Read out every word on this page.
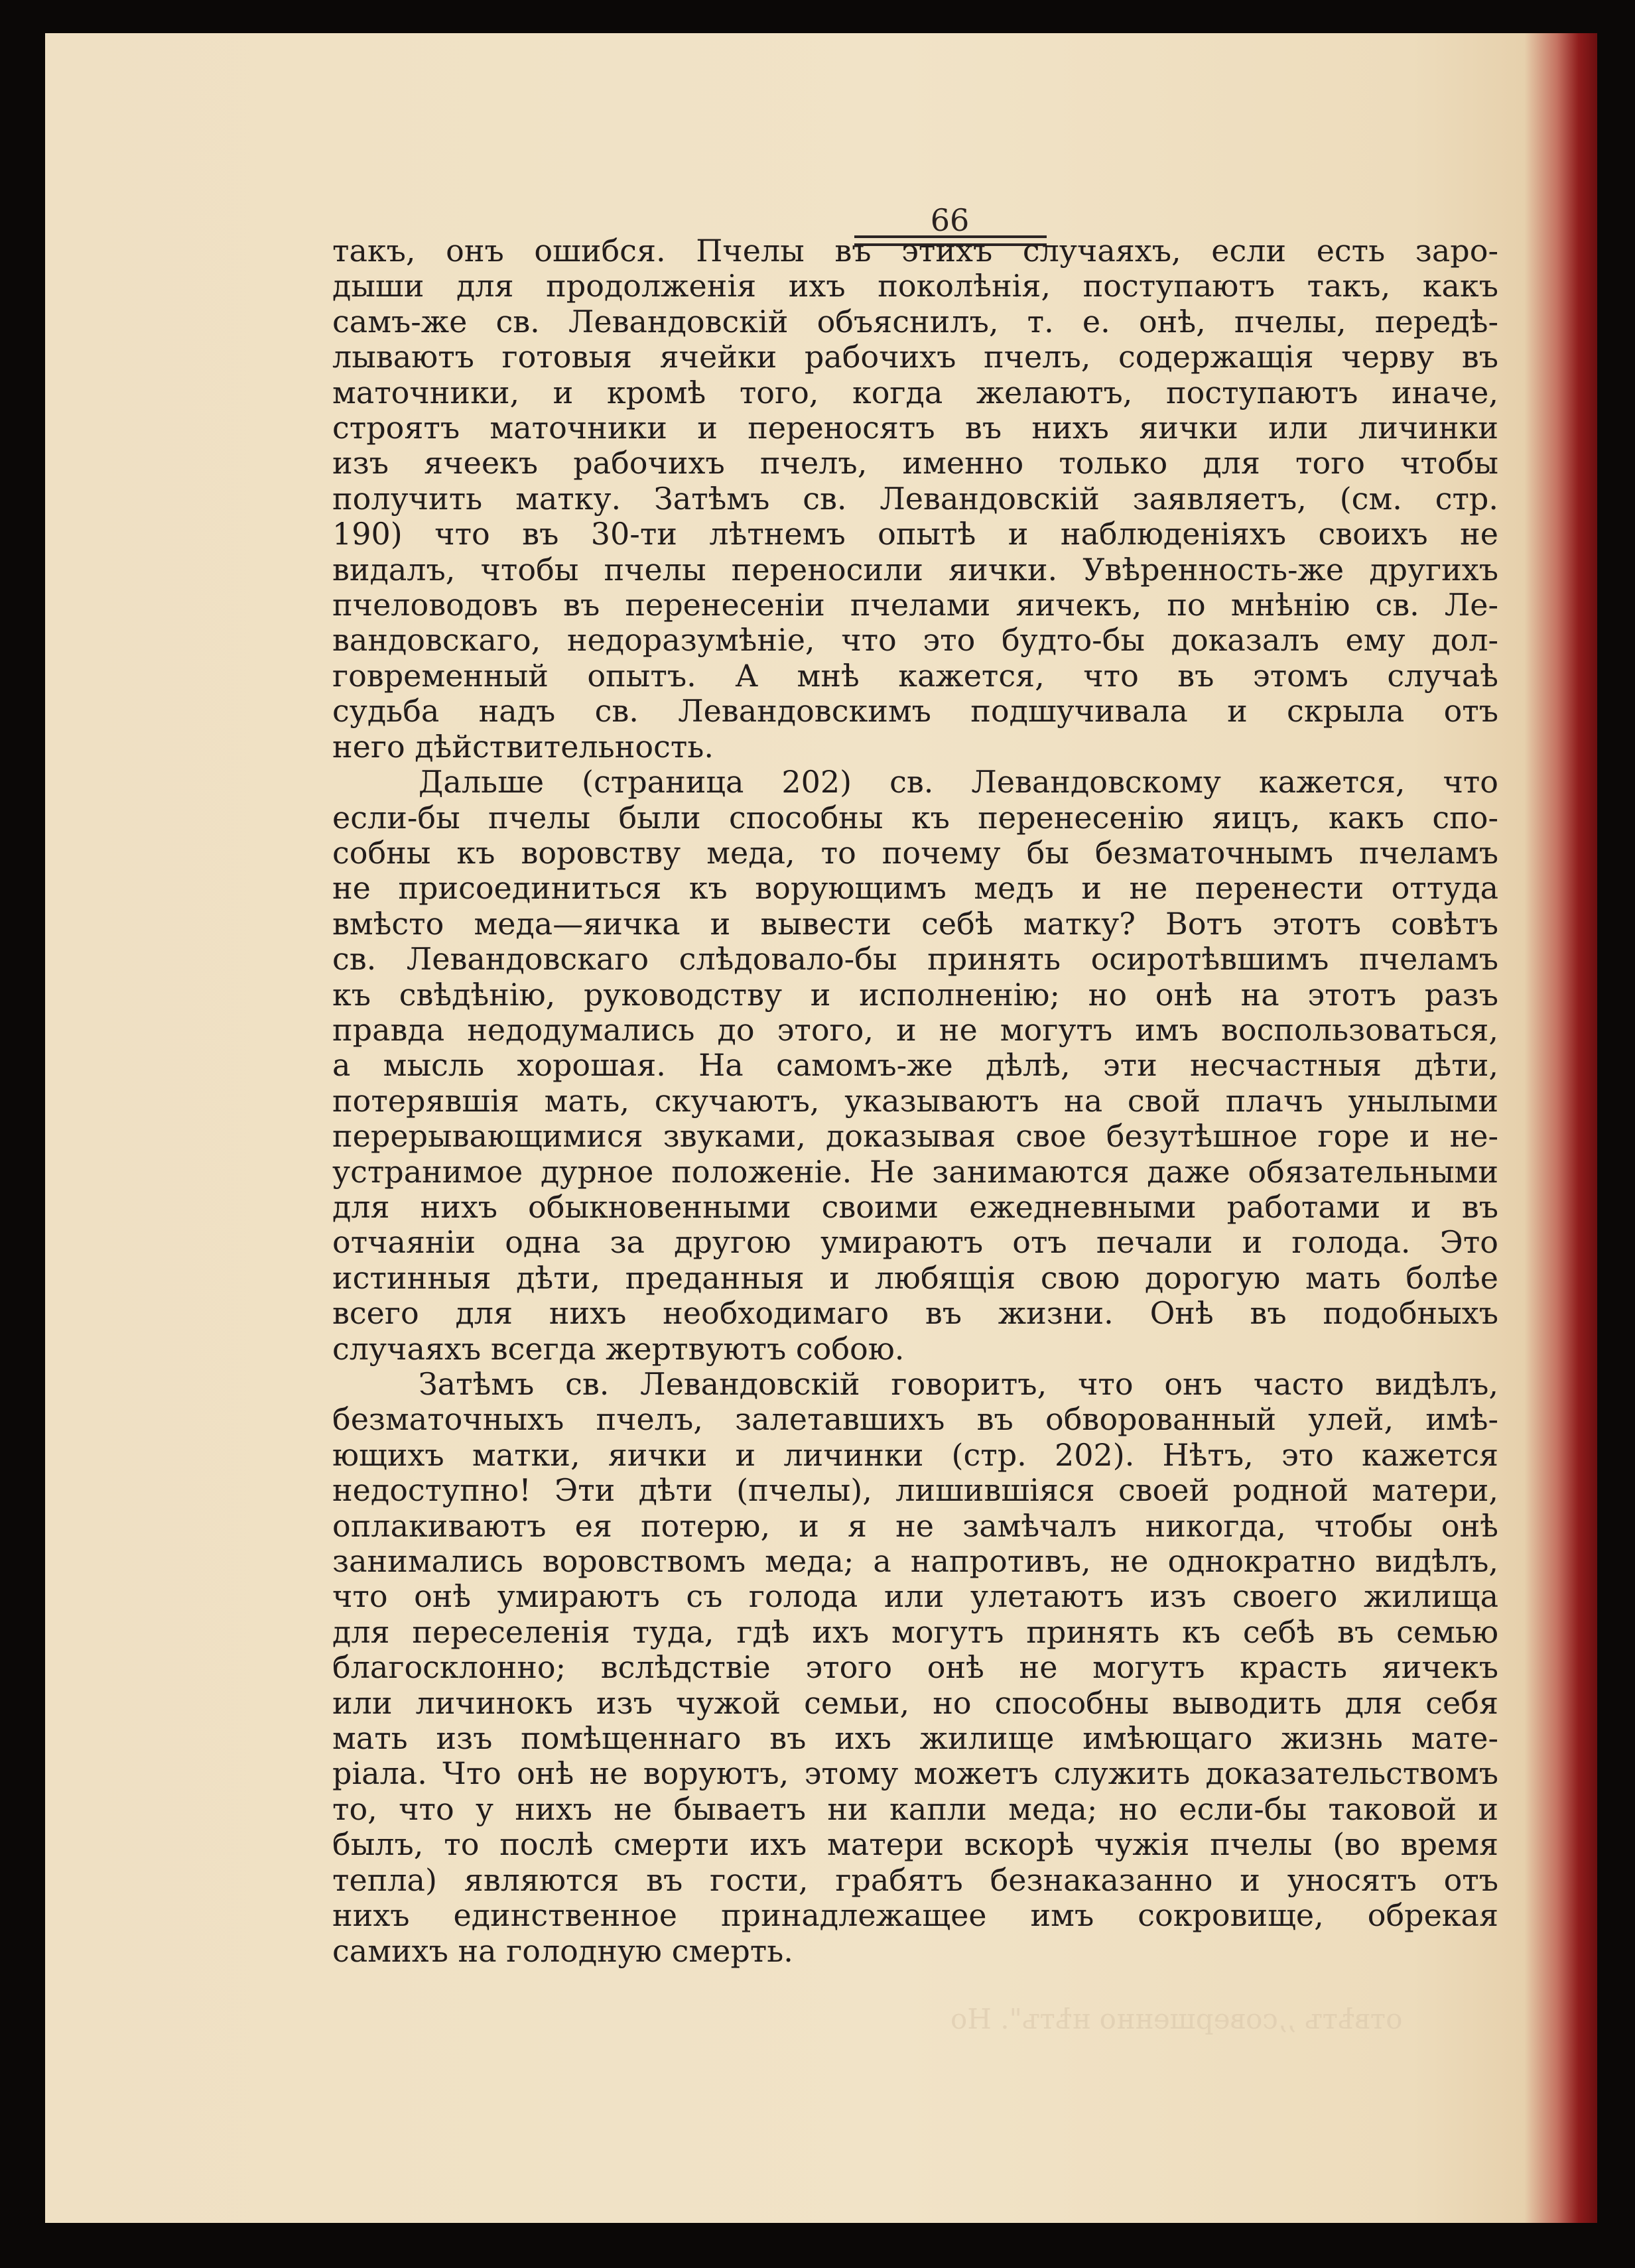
66
отвѣтъ ,,совершенно нѣтъ". Но
такъ, онъ ошибся. Пчелы въ этихъ случаяхъ, если есть заро-
дыши для продолженія ихъ поколѣнія, поступаютъ такъ, какъ
самъ-же св. Левандовскій объяснилъ, т. е. онѣ, пчелы, передѣ-
лываютъ готовыя ячейки рабочихъ пчелъ, содержащія черву въ
маточники, и кромѣ того, когда желаютъ, поступаютъ иначе,
строятъ маточники и переносятъ въ нихъ яички или личинки
изъ ячеекъ рабочихъ пчелъ, именно только для того чтобы
получить матку. Затѣмъ св. Левандовскій заявляетъ, (см. стр.
190) что въ 30-ти лѣтнемъ опытѣ и наблюденіяхъ своихъ не
видалъ, чтобы пчелы переносили яички. Увѣренность-же другихъ
пчеловодовъ въ перенесеніи пчелами яичекъ, по мнѣнію св. Ле-
вандовскаго, недоразумѣніе, что это будто-бы доказалъ ему дол-
говременный опытъ. А мнѣ кажется, что въ этомъ случаѣ
судьба надъ св. Левандовскимъ подшучивала и скрыла отъ
него дѣйствительность.
Дальше (страница 202) св. Левандовскому кажется, что
если-бы пчелы были способны къ перенесенію яицъ, какъ спо-
собны къ воровству меда, то почему бы безматочнымъ пчеламъ
не присоединиться къ ворующимъ медъ и не перенести оттуда
вмѣсто меда—яичка и вывести себѣ матку? Вотъ этотъ совѣтъ
св. Левандовскаго слѣдовало-бы принять осиротѣвшимъ пчеламъ
къ свѣдѣнію, руководству и исполненію; но онѣ на этотъ разъ
правда недодумались до этого, и не могутъ имъ воспользоваться,
а мысль хорошая. На самомъ-же дѣлѣ, эти несчастныя дѣти,
потерявшія мать, скучаютъ, указываютъ на свой плачъ унылыми
перерывающимися звуками, доказывая свое безутѣшное горе и не-
устранимое дурное положеніе. Не занимаются даже обязательными
для нихъ обыкновенными своими ежедневными работами и въ
отчаяніи одна за другою умираютъ отъ печали и голода. Это
истинныя дѣти, преданныя и любящія свою дорогую мать болѣе
всего для нихъ необходимаго въ жизни. Онѣ въ подобныхъ
случаяхъ всегда жертвуютъ собою.
Затѣмъ св. Левандовскій говоритъ, что онъ часто видѣлъ,
безматочныхъ пчелъ, залетавшихъ въ обворованный улей, имѣ-
ющихъ матки, яички и личинки (стр. 202). Нѣтъ, это кажется
недоступно! Эти дѣти (пчелы), лишившіяся своей родной матери,
оплакиваютъ ея потерю, и я не замѣчалъ никогда, чтобы онѣ
занимались воровствомъ меда; а напротивъ, не однократно видѣлъ,
что онѣ умираютъ съ голода или улетаютъ изъ своего жилища
для переселенія туда, гдѣ ихъ могутъ принять къ себѣ въ семью
благосклонно; вслѣдствіе этого онѣ не могутъ красть яичекъ
или личинокъ изъ чужой семьи, но способны выводить для себя
мать изъ помѣщеннаго въ ихъ жилище имѣющаго жизнь мате-
ріала. Что онѣ не воруютъ, этому можетъ служить доказательствомъ
то, что у нихъ не бываетъ ни капли меда; но если-бы таковой и
былъ, то послѣ смерти ихъ матери вскорѣ чужія пчелы (во время
тепла) являются въ гости, грабятъ безнаказанно и уносятъ отъ
нихъ единственное принадлежащее имъ сокровище, обрекая
самихъ на голодную смерть.
